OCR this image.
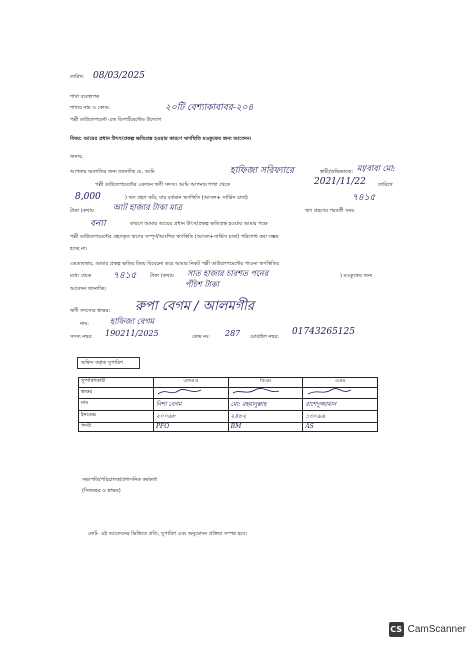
তারিখ: 08/03/2025
শাখা ব্যবস্থাপক
শাখার নাম ও কোড:	২০টি বেশ্যাকাবাবর-২০৪
পল্লী ডাউলেপমেন্ট এন্ড ডিপার্টমেন্টেড উদ্যোগ
বিষয়: আয়ের প্রধান উৎস/প্রকল্প ক্ষতিগ্রস্ত হওয়ার কারণে ঋণস্থিতি মওকুফের জন্য আবেদন।
জনাব,
আপনার অবগতির জন্য জানাচ্ছি যে, আমি	হাফিজা সরিফ্যারে	স্বামী/অভিভাবক: মা/বাবা মো:
পল্লী ডাউলেপমেন্টের একজন ঋণী সদস্য। আমি আপনার শাখা থেকে	2021/11/22 তারিখে
8,000
টাকা (কথায় আট হাজার টাকা মাত্র
) ঋণ গ্রহণ করি, যার বর্তমান ঋণস্থিতি (আসল+ সার্ভিস চার্জ)	৭৪১৫
ঋণ গ্রহণের পরবর্তী সময়
বন্যা	কারণে আমার আয়ের প্রধান উৎস/প্রকল্প ক্ষতিগ্রস্ত হওয়ায় আমার পক্ষে
পল্লী ডাউলেপমেন্টের গ্রহণকৃত ঋণের সম্পূর্ণ/আংশিক ঋণস্থিতি (আসল+সার্ভিস চার্জ) পরিশোধ করা সম্ভব
হচ্ছে না।
এমতাবস্থায়, আমার প্রকল্প ক্ষতির বিষয় বিবেচনা করে আমার নিকট পল্লী ডাউলেপমেন্টের পাওনা ঋণস্থিতির
মধ্যে থেকে ৭৪১৫	টাকা (কথায় সাত হাজার চারশত পনের	) মওকুফের জন্য
আবেদন জানাচ্ছি।	পঁচিশ টাকা
ঋণী সদস্যের স্বাক্ষর: রুপা বেগম / আলমগীর
নাম:	হাফিজা বেগম
সদস্য নম্বর: 190211/2025	কেন্দ্র নং: 287 মোবাইল নম্বর: 01743265125
অফিস কর্তৃক সুপারিশ
সুপারিশকারী	এফএও	বিএম	এএম
স্বাক্ষর			
নাম	নিশা বেগম	মো: রহমানুল্লাহ	রাশেদুজ্জামান
ইনডেক্স	২০০৬৮	২৪৮২	১৩০৯৬
পদবী	PFO	BM	AS
সভাপতি/পরিচালক/প্রশাসনিক কর্মকর্তা
(সিলমহর ও স্বাক্ষর)
নোট- এই আবেদনের ভিত্তিতে প্রতি, সুপারিশ এবং অনুমোদন প্রক্রিয়া সম্পন্ন হবে।
CS CamScanner
